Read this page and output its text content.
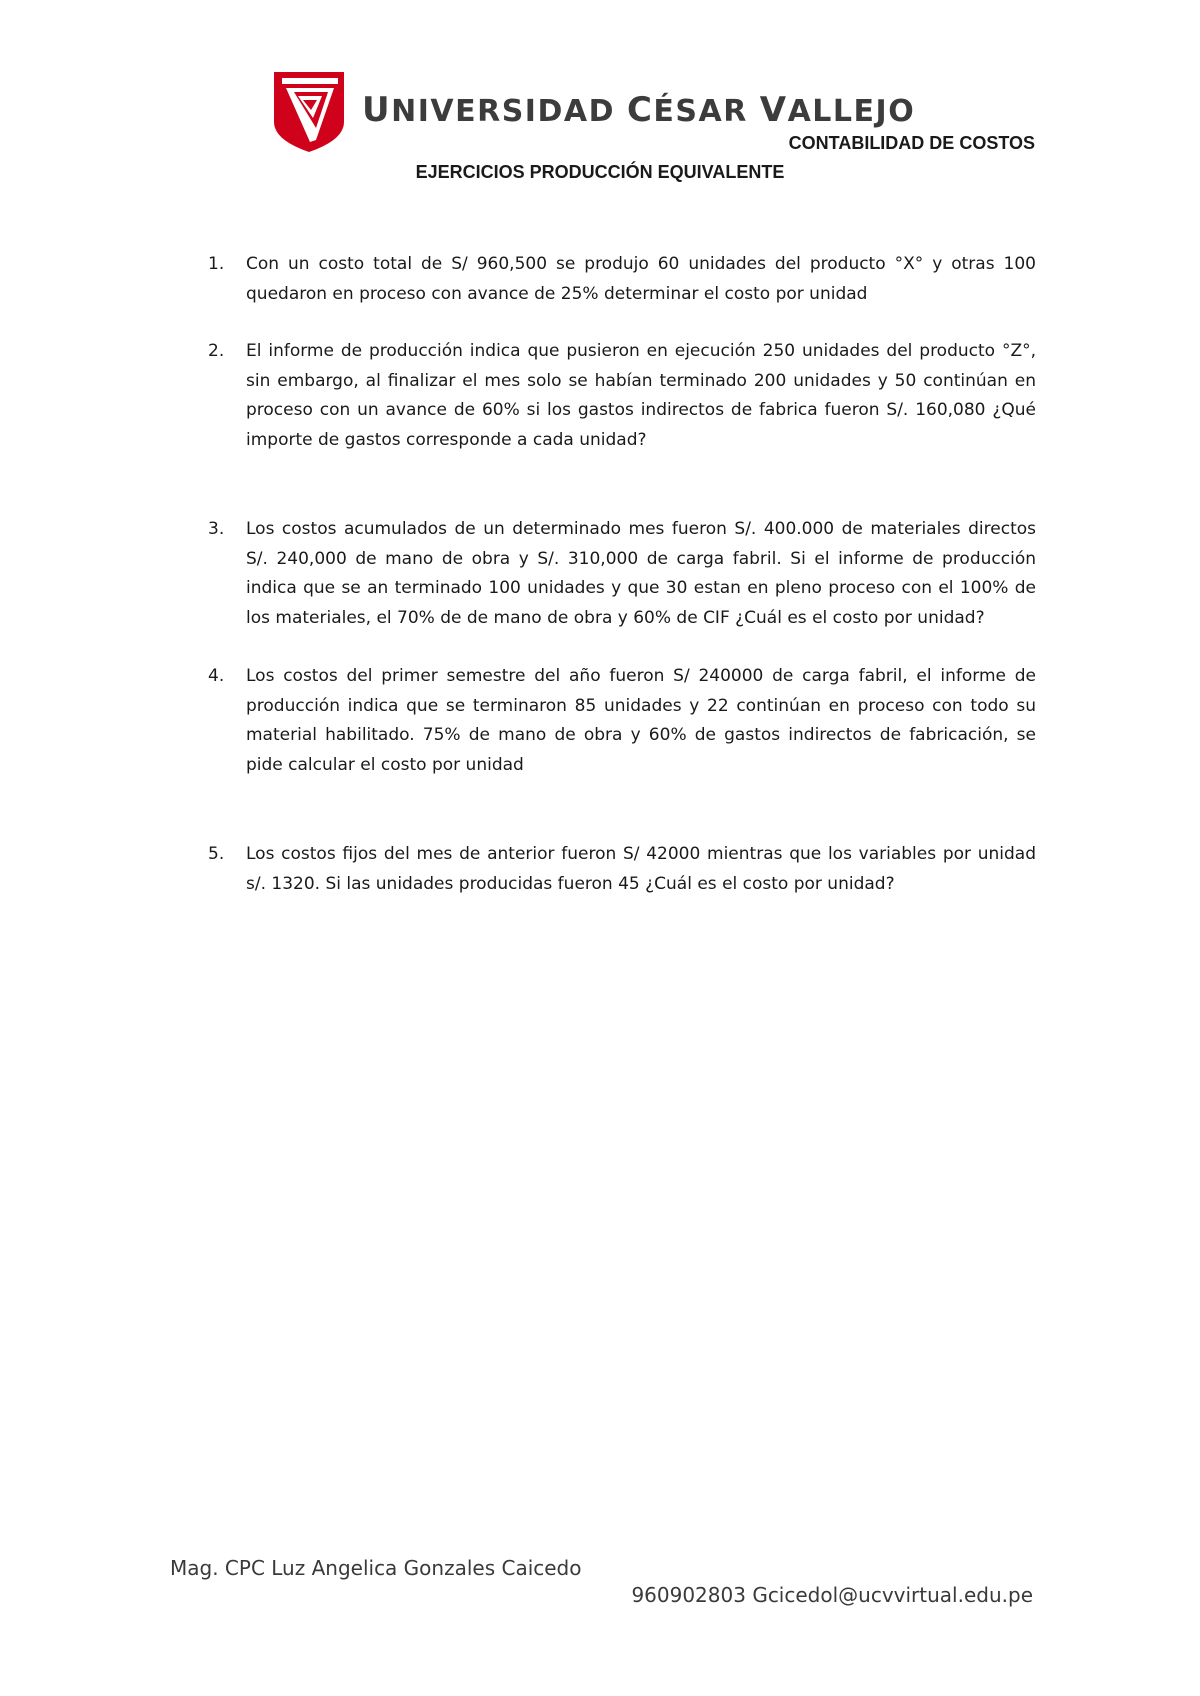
UNIVERSIDAD CÉSAR VALLEJO
CONTABILIDAD DE COSTOS
EJERCICIOS PRODUCCIÓN EQUIVALENTE
1. Con un costo total de S/ 960,500 se produjo 60 unidades del producto °X° y otras 100 quedaron en proceso con avance de 25% determinar el costo por unidad
2. El informe de producción indica que pusieron en ejecución 250 unidades del producto °Z°, sin embargo, al finalizar el mes solo se habían terminado 200 unidades y 50 continúan en proceso con un avance de 60% si los gastos indirectos de fabrica fueron S/. 160,080 ¿Qué importe de gastos corresponde a cada unidad?
3. Los costos acumulados de un determinado mes fueron S/. 400.000 de materiales directos S/. 240,000 de mano de obra y S/. 310,000 de carga fabril. Si el informe de producción indica que se an terminado 100 unidades y que 30 estan en pleno proceso con el 100% de los materiales, el 70% de de mano de obra y 60% de CIF ¿Cuál es el costo por unidad?
4. Los costos del primer semestre del año fueron S/ 240000 de carga fabril, el informe de producción indica que se terminaron 85 unidades y 22 continúan en proceso con todo su material habilitado. 75% de mano de obra y 60% de gastos indirectos de fabricación, se pide calcular el costo por unidad
5. Los costos fijos del mes de anterior fueron S/ 42000 mientras que los variables por unidad s/. 1320. Si las unidades producidas fueron 45 ¿Cuál es el costo por unidad?
Mag. CPC Luz Angelica Gonzales Caicedo
960902803 Gcicedol@ucvvirtual.edu.pe
